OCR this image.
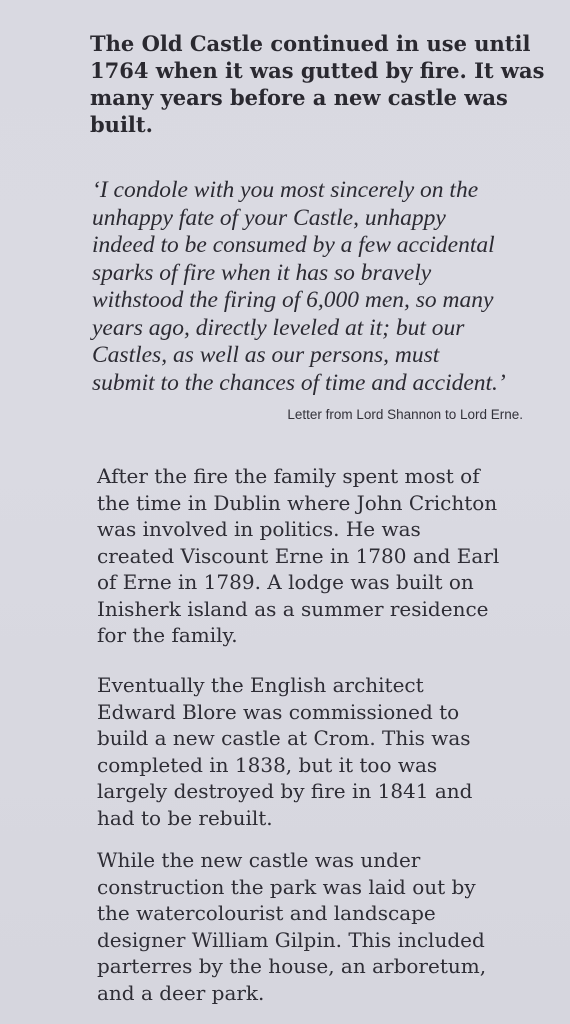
The Old Castle continued in use until
1764 when it was gutted by fire. It was
many years before a new castle was
built.
‘I condole with you most sincerely on the
unhappy fate of your Castle, unhappy
indeed to be consumed by a few accidental
sparks of fire when it has so bravely
withstood the firing of 6,000 men, so many
years ago, directly leveled at it; but our
Castles, as well as our persons, must
submit to the chances of time and accident.’
Letter from Lord Shannon to Lord Erne.
After the fire the family spent most of
the time in Dublin where John Crichton
was involved in politics. He was
created Viscount Erne in 1780 and Earl
of Erne in 1789. A lodge was built on
Inisherk island as a summer residence
for the family.
Eventually the English architect
Edward Blore was commissioned to
build a new castle at Crom. This was
completed in 1838, but it too was
largely destroyed by fire in 1841 and
had to be rebuilt.
While the new castle was under
construction the park was laid out by
the watercolourist and landscape
designer William Gilpin. This included
parterres by the house, an arboretum,
and a deer park.
